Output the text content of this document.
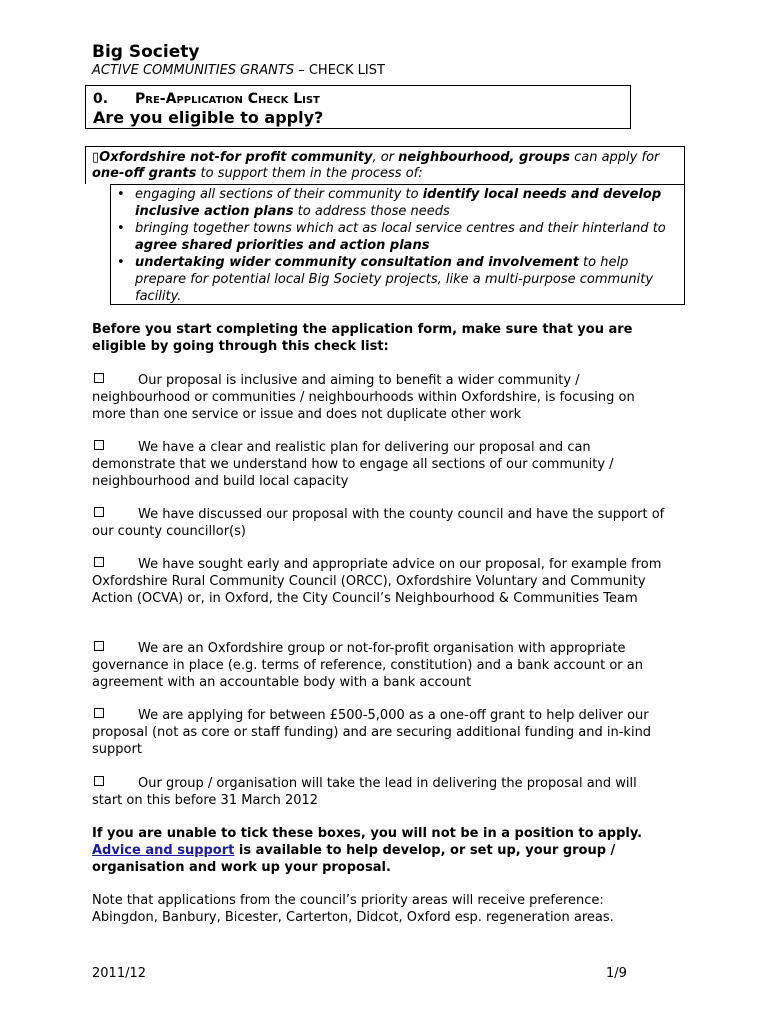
Big Society
ACTIVE COMMUNITIES GRANTS – CHECK LIST
0. Pre-Application Check List
Are you eligible to apply?
▯Oxfordshire not-for profit community, or neighbourhood, groups can apply for one-off grants to support them in the process of:
• engaging all sections of their community to identify local needs and develop inclusive action plans to address those needs
• bringing together towns which act as local service centres and their hinterland to agree shared priorities and action plans
• undertaking wider community consultation and involvement to help prepare for potential local Big Society projects, like a multi-purpose community facility.
Before you start completing the application form, make sure that you are eligible by going through this check list:
Our proposal is inclusive and aiming to benefit a wider community / neighbourhood or communities / neighbourhoods within Oxfordshire, is focusing on more than one service or issue and does not duplicate other work
We have a clear and realistic plan for delivering our proposal and can demonstrate that we understand how to engage all sections of our community / neighbourhood and build local capacity
We have discussed our proposal with the county council and have the support of our county councillor(s)
We have sought early and appropriate advice on our proposal, for example from Oxfordshire Rural Community Council (ORCC), Oxfordshire Voluntary and Community Action (OCVA) or, in Oxford, the City Council’s Neighbourhood & Communities Team
We are an Oxfordshire group or not-for-profit organisation with appropriate governance in place (e.g. terms of reference, constitution) and a bank account or an agreement with an accountable body with a bank account
We are applying for between £500-5,000 as a one-off grant to help deliver our proposal (not as core or staff funding) and are securing additional funding and in-kind support
Our group / organisation will take the lead in delivering the proposal and will start on this before 31 March 2012
If you are unable to tick these boxes, you will not be in a position to apply.
Advice and support is available to help develop, or set up, your group / organisation and work up your proposal.
Note that applications from the council’s priority areas will receive preference: Abingdon, Banbury, Bicester, Carterton, Didcot, Oxford esp. regeneration areas.
2011/12	1/9
